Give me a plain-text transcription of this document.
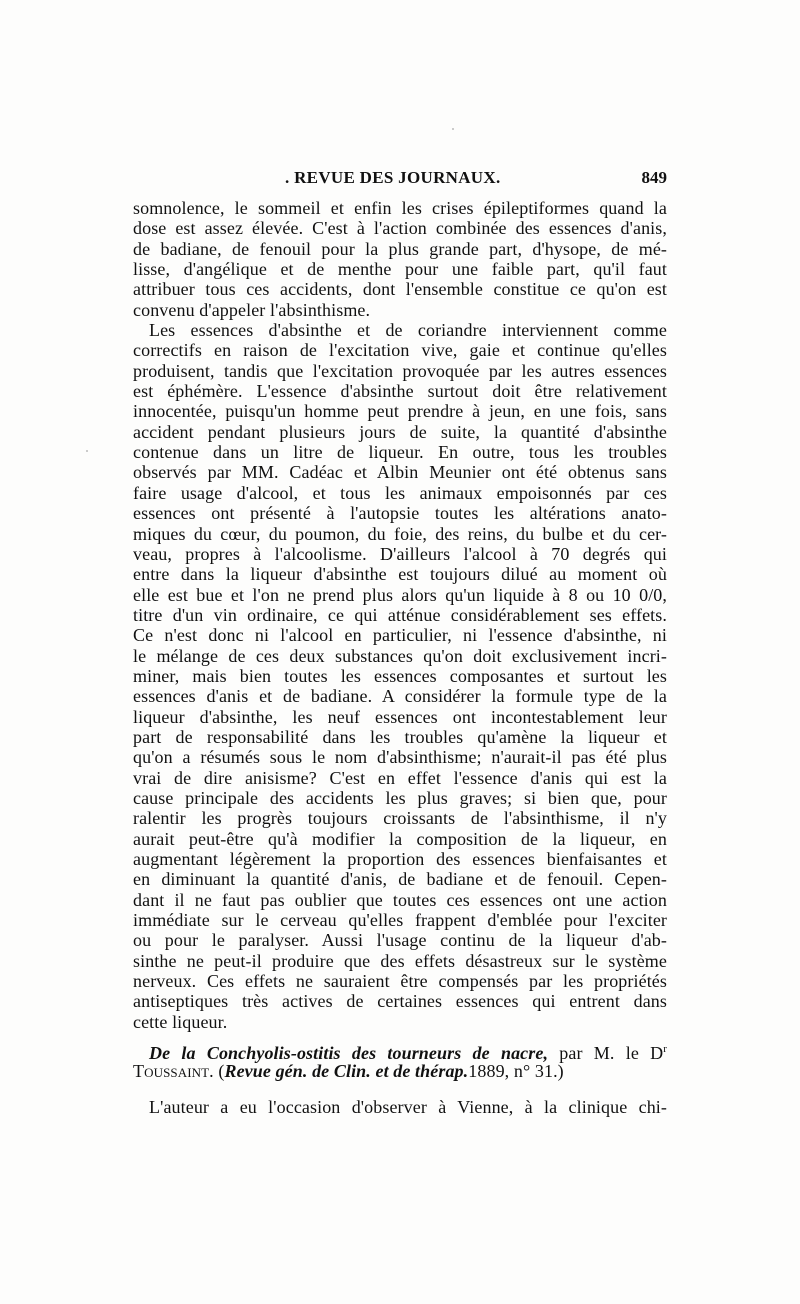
. REVUE DES JOURNAUX.	849
somnolence, le sommeil et enfin les crises épileptiformes quand la
dose est assez élevée. C'est à l'action combinée des essences d'anis,
de badiane, de fenouil pour la plus grande part, d'hysope, de mé-
lisse, d'angélique et de menthe pour une faible part, qu'il faut
attribuer tous ces accidents, dont l'ensemble constitue ce qu'on est
convenu d'appeler l'absinthisme.
Les essences d'absinthe et de coriandre interviennent comme
correctifs en raison de l'excitation vive, gaie et continue qu'elles
produisent, tandis que l'excitation provoquée par les autres essences
est éphémère. L'essence d'absinthe surtout doit être relativement
innocentée, puisqu'un homme peut prendre à jeun, en une fois, sans
accident pendant plusieurs jours de suite, la quantité d'absinthe
contenue dans un litre de liqueur. En outre, tous les troubles
observés par MM. Cadéac et Albin Meunier ont été obtenus sans
faire usage d'alcool, et tous les animaux empoisonnés par ces
essences ont présenté à l'autopsie toutes les altérations anato-
miques du cœur, du poumon, du foie, des reins, du bulbe et du cer-
veau, propres à l'alcoolisme. D'ailleurs l'alcool à 70 degrés qui
entre dans la liqueur d'absinthe est toujours dilué au moment où
elle est bue et l'on ne prend plus alors qu'un liquide à 8 ou 10 0/0,
titre d'un vin ordinaire, ce qui atténue considérablement ses effets.
Ce n'est donc ni l'alcool en particulier, ni l'essence d'absinthe, ni
le mélange de ces deux substances qu'on doit exclusivement incri-
miner, mais bien toutes les essences composantes et surtout les
essences d'anis et de badiane. A considérer la formule type de la
liqueur d'absinthe, les neuf essences ont incontestablement leur
part de responsabilité dans les troubles qu'amène la liqueur et
qu'on a résumés sous le nom d'absinthisme; n'aurait-il pas été plus
vrai de dire anisisme? C'est en effet l'essence d'anis qui est la
cause principale des accidents les plus graves; si bien que, pour
ralentir les progrès toujours croissants de l'absinthisme, il n'y
aurait peut-être qu'à modifier la composition de la liqueur, en
augmentant légèrement la proportion des essences bienfaisantes et
en diminuant la quantité d'anis, de badiane et de fenouil. Cepen-
dant il ne faut pas oublier que toutes ces essences ont une action
immédiate sur le cerveau qu'elles frappent d'emblée pour l'exciter
ou pour le paralyser. Aussi l'usage continu de la liqueur d'ab-
sinthe ne peut-il produire que des effets désastreux sur le système
nerveux. Ces effets ne sauraient être compensés par les propriétés
antiseptiques très actives de certaines essences qui entrent dans
cette liqueur.
De la Conchyolis-ostitis des tourneurs de nacre, par M. le $D^r$
Toussaint. (Revue gén. de Clin. et de thérap.1889, n° 31.)
L'auteur a eu l'occasion d'observer à Vienne, à la clinique chi-
